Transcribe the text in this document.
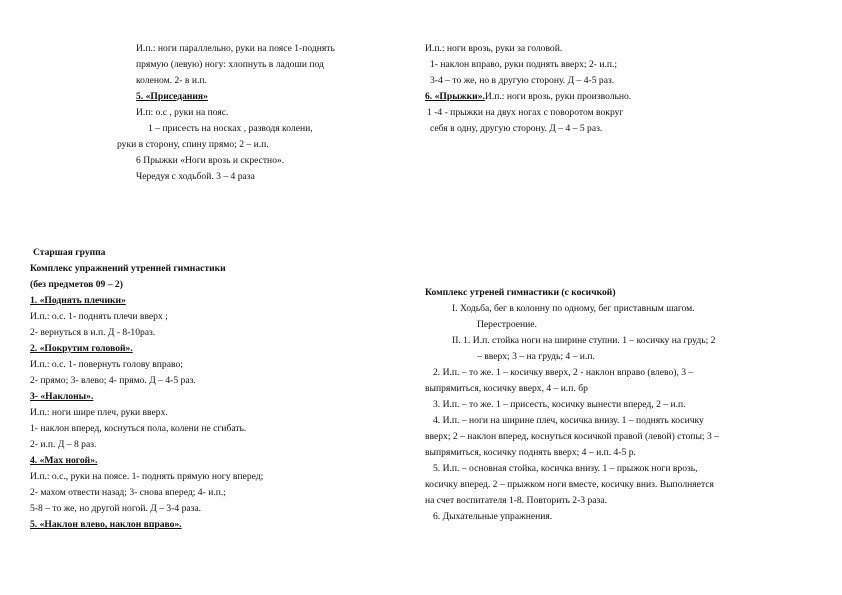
И.п.: ноги параллельно, руки на поясе 1-поднять
прямую (левую) ногу: хлопнуть в ладоши под
коленом. 2- в и.п.
5. «Приседания»
И.п: о.с , руки на пояс.
1 – присесть на носках , разводя колени,
руки в сторону, спину прямо; 2 – и.п.
6 Прыжки «Ноги врозь и скрестно».
Чередуя с ходьбой. 3 – 4 раза
И.п.: ноги врозь, руки за головой.
1- наклон вправо, руки поднять вверх; 2- и.п.;
3-4 – то же, но в другую сторону. Д – 4-5 раз.
6. «Прыжки».И.п.: ноги врозь, руки произвольно.
1 -4 - прыжки на двух ногах с поворотом вокруг
себя в одну, другую сторону. Д – 4 – 5 раз.
Старшая группа
Комплекс упражнений утренней гимнастики
(без предметов 09 – 2)
1. «Поднять плечики»
И.п.: о.с. 1- поднять плечи вверх ;
2- вернуться в и.п. Д - 8-10раз.
2. «Покрутим головой».
И.п.: о.с. 1- повернуть голову вправо;
2- прямо; 3- влево; 4- прямо. Д – 4-5 раз.
3- «Наклоны».
И.п.: ноги шире плеч, руки вверх.
1- наклон вперед, коснуться пола, колени не сгибать.
2- и.п. Д – 8 раз.
4. «Мах ногой».
И.п.: о.с., руки на поясе. 1- поднять прямую ногу вперед;
2- махом отвести назад; 3- снова вперед; 4- и.п.;
5-8 – то же, но другой ногой. Д – 3-4 раза.
5. «Наклон влево, наклон вправо».
Комплекс утреней гимнастики (с косичкой)
I. Ходьба, бег в колонну по одному, бег приставным шагом.
Перестроение.
II. 1. И.п. стойка ноги на ширине ступни. 1 – косичку на грудь; 2
– вверх; 3 – на грудь; 4 – и.п.
2. И.п. – то же. 1 – косичку вверх, 2 - наклон вправо (влево), 3 –
выпрямиться, косичку вверх, 4 – и.п. бр
3. И.п. – то же. 1 – присесть, косичку вынести вперед, 2 – и.п.
4. И.п. – ноги на ширине плеч, косичка внизу. 1 – поднять косичку
вверх; 2 – наклон вперед, коснуться косичкой правой (левой) стопы; 3 –
выпрямиться, косичку поднять вверх; 4 – и.п. 4-5 р.
5. И.п. – основная стойка, косичка внизу. 1 – прыжок ноги врозь,
косичку вперед. 2 – прыжком ноги вместе, косичку вниз. Выполняется
на счет воспитателя 1-8. Повторить 2-3 раза.
6. Дыхательные упражнения.
